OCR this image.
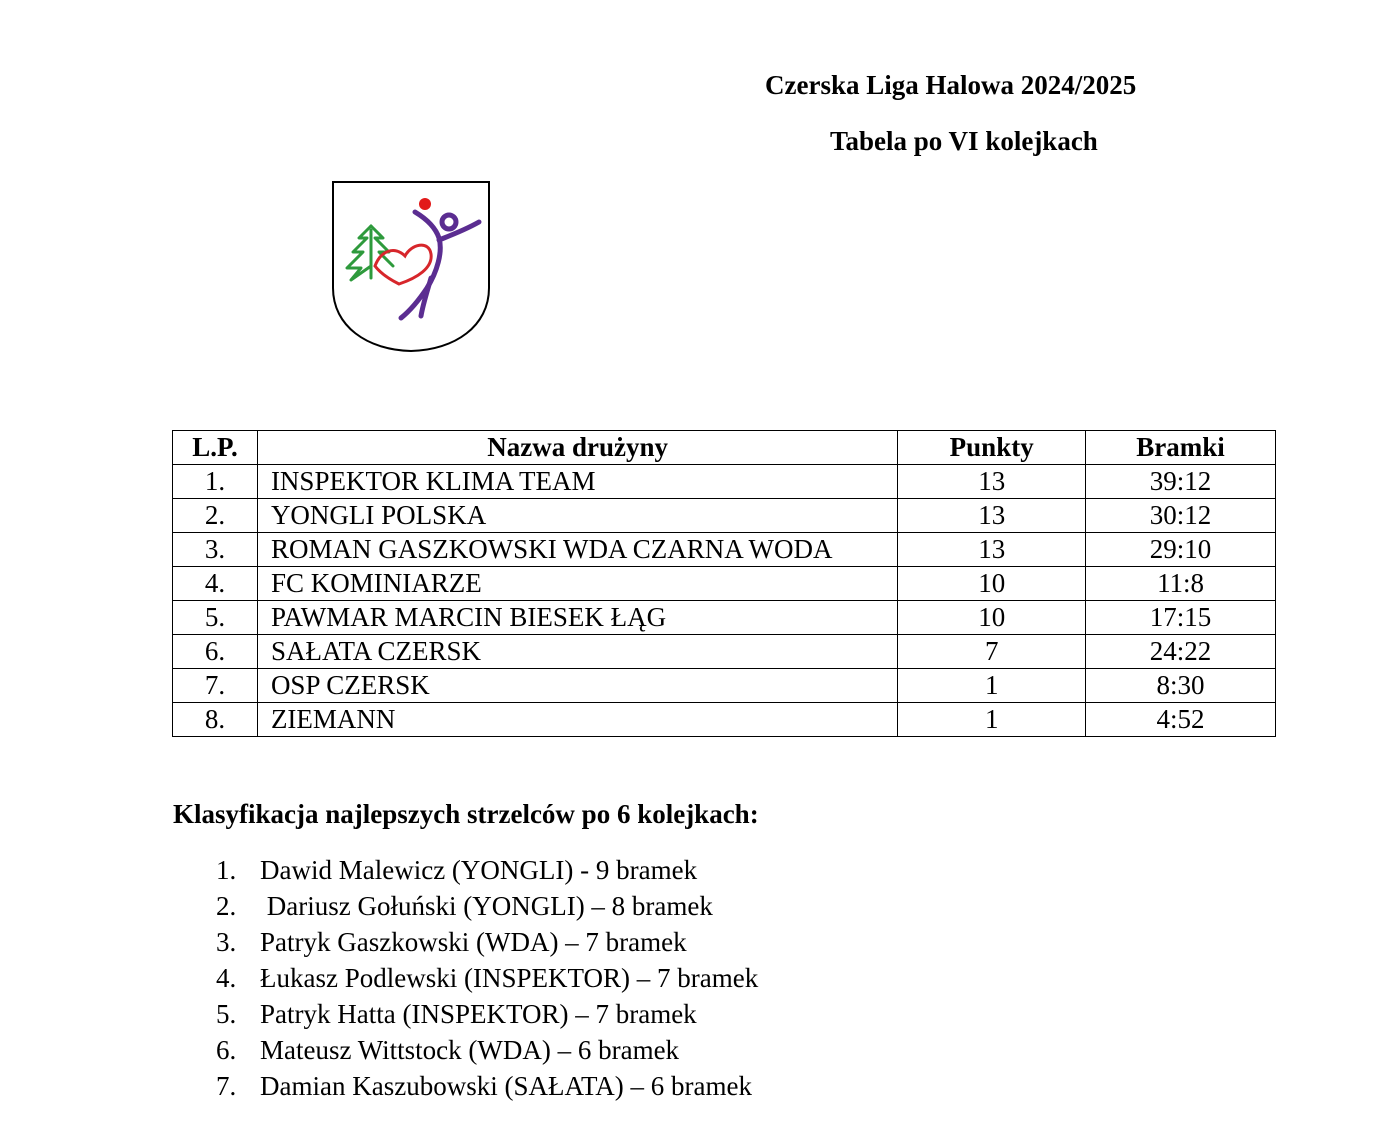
Czerska Liga Halowa 2024/2025
Tabela po VI kolejkach
L.P.	Nazwa drużyny	Punkty	Bramki
1.	INSPEKTOR KLIMA TEAM	13	39:12
2.	YONGLI POLSKA	13	30:12
3.	ROMAN GASZKOWSKI WDA CZARNA WODA	13	29:10
4.	FC KOMINIARZE	10	11:8
5.	PAWMAR MARCIN BIESEK ŁĄG	10	17:15
6.	SAŁATA CZERSK	7	24:22
7.	OSP CZERSK	1	8:30
8.	ZIEMANN	1	4:52
Klasyfikacja najlepszych strzelców po 6 kolejkach:
1. Dawid Malewicz (YONGLI) - 9 bramek
2. Dariusz Gołuński (YONGLI) – 8 bramek
3. Patryk Gaszkowski (WDA) – 7 bramek
4. Łukasz Podlewski (INSPEKTOR) – 7 bramek
5. Patryk Hatta (INSPEKTOR) – 7 bramek
6. Mateusz Wittstock (WDA) – 6 bramek
7. Damian Kaszubowski (SAŁATA) – 6 bramek
